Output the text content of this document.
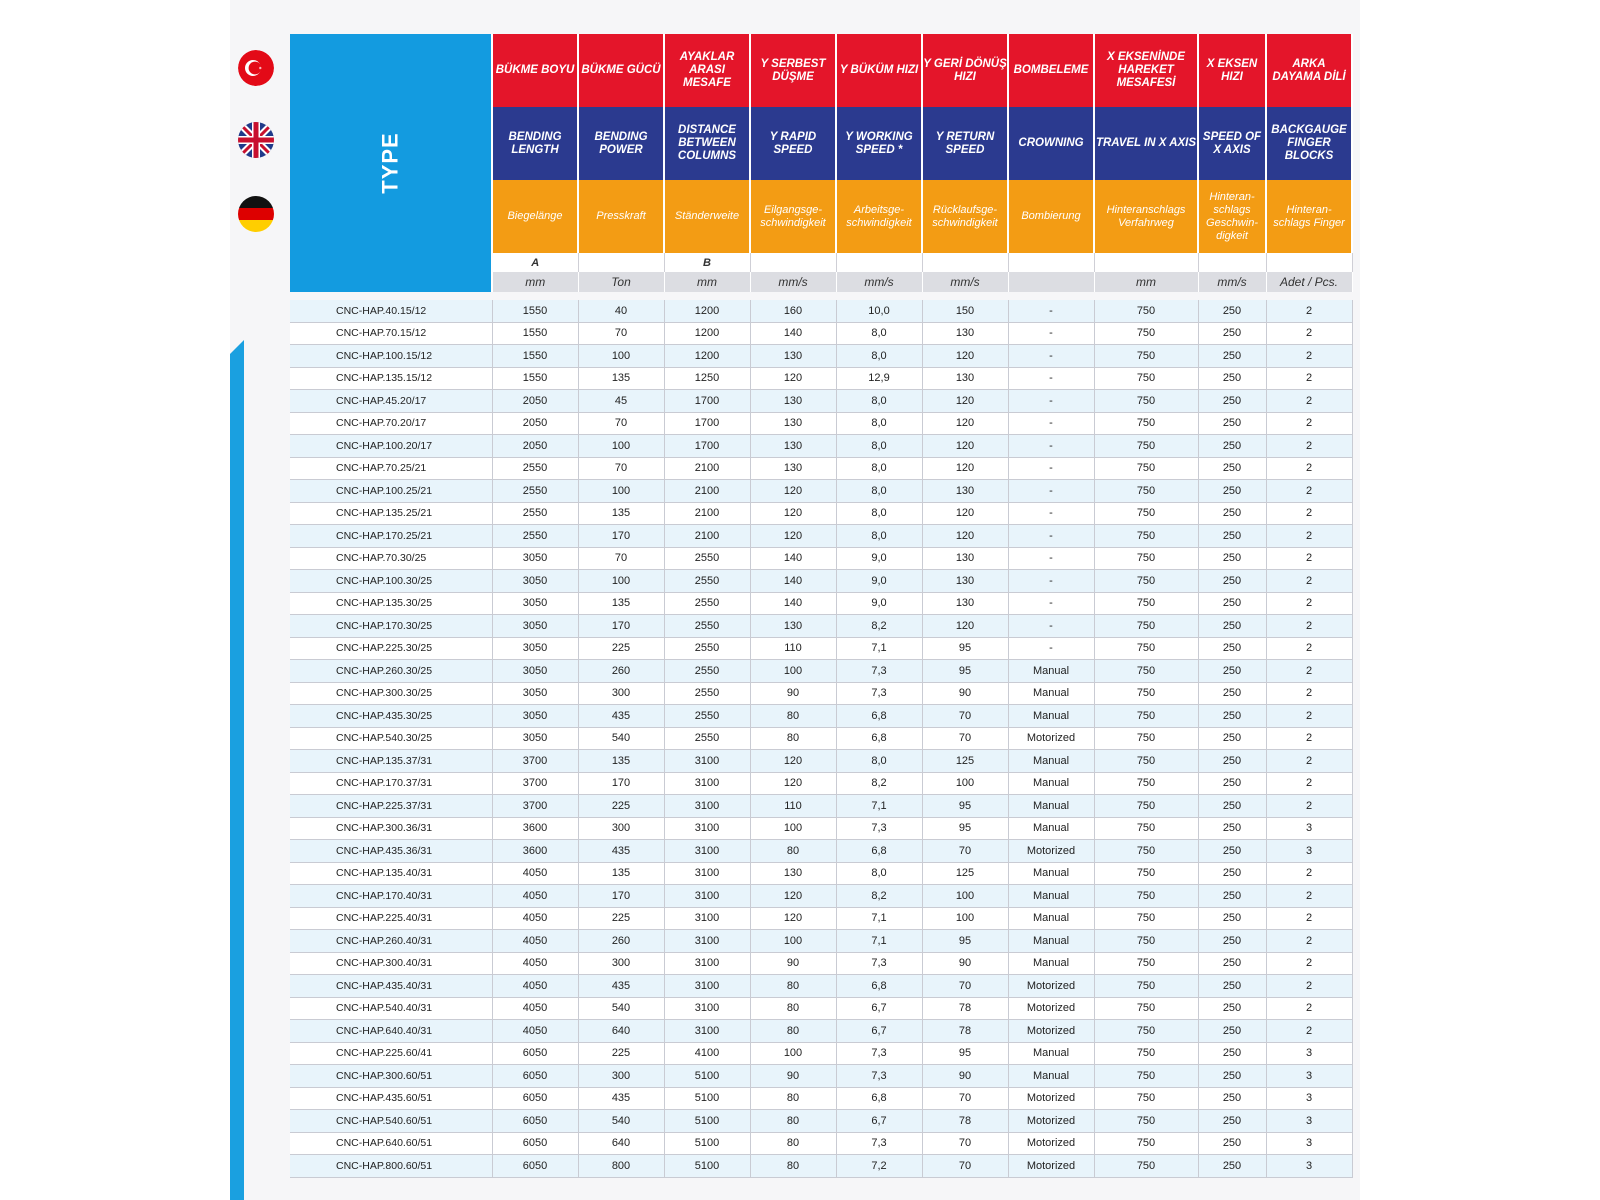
TYPE	BÜKME BOYU	BÜKME GÜCÜ	AYAKLAR ARASI MESAFE	Y SERBEST DÜŞME	Y BÜKÜM HIZI	Y GERİ DÖNÜŞ HIZI	BOMBELEME	X EKSENİNDE HAREKET MESAFESİ	X EKSEN HIZI	ARKA DAYAMA DİLİ
	BENDING LENGTH	BENDING POWER	DISTANCE BETWEEN COLUMNS	Y RAPID SPEED	Y WORKING SPEED *	Y RETURN SPEED	CROWNING	TRAVEL IN X AXIS	SPEED OF X AXIS	BACKGAUGE FINGER BLOCKS
	Biegelänge	Presskraft	Ständerweite	Eilgangsge- schwindigkeit	Arbeitsge- schwindigkeit	Rücklaufsge- schwindigkeit	Bombierung	Hinteranschlags Verfahrweg	Hinteran- schlags Geschwin- digkeit	Hinteran- schlags Finger
	A		B							
	mm	Ton	mm	mm/s	mm/s	mm/s		mm	mm/s	Adet / Pcs.

CNC-HAP.40.15/12	1550	40	1200	160	10,0	150	-	750	250	2
CNC-HAP.70.15/12	1550	70	1200	140	8,0	130	-	750	250	2
CNC-HAP.100.15/12	1550	100	1200	130	8,0	120	-	750	250	2
CNC-HAP.135.15/12	1550	135	1250	120	12,9	130	-	750	250	2
CNC-HAP.45.20/17	2050	45	1700	130	8,0	120	-	750	250	2
CNC-HAP.70.20/17	2050	70	1700	130	8,0	120	-	750	250	2
CNC-HAP.100.20/17	2050	100	1700	130	8,0	120	-	750	250	2
CNC-HAP.70.25/21	2550	70	2100	130	8,0	120	-	750	250	2
CNC-HAP.100.25/21	2550	100	2100	120	8,0	130	-	750	250	2
CNC-HAP.135.25/21	2550	135	2100	120	8,0	120	-	750	250	2
CNC-HAP.170.25/21	2550	170	2100	120	8,0	120	-	750	250	2
CNC-HAP.70.30/25	3050	70	2550	140	9,0	130	-	750	250	2
CNC-HAP.100.30/25	3050	100	2550	140	9,0	130	-	750	250	2
CNC-HAP.135.30/25	3050	135	2550	140	9,0	130	-	750	250	2
CNC-HAP.170.30/25	3050	170	2550	130	8,2	120	-	750	250	2
CNC-HAP.225.30/25	3050	225	2550	110	7,1	95	-	750	250	2
CNC-HAP.260.30/25	3050	260	2550	100	7,3	95	Manual	750	250	2
CNC-HAP.300.30/25	3050	300	2550	90	7,3	90	Manual	750	250	2
CNC-HAP.435.30/25	3050	435	2550	80	6,8	70	Manual	750	250	2
CNC-HAP.540.30/25	3050	540	2550	80	6,8	70	Motorized	750	250	2
CNC-HAP.135.37/31	3700	135	3100	120	8,0	125	Manual	750	250	2
CNC-HAP.170.37/31	3700	170	3100	120	8,2	100	Manual	750	250	2
CNC-HAP.225.37/31	3700	225	3100	110	7,1	95	Manual	750	250	2
CNC-HAP.300.36/31	3600	300	3100	100	7,3	95	Manual	750	250	3
CNC-HAP.435.36/31	3600	435	3100	80	6,8	70	Motorized	750	250	3
CNC-HAP.135.40/31	4050	135	3100	130	8,0	125	Manual	750	250	2
CNC-HAP.170.40/31	4050	170	3100	120	8,2	100	Manual	750	250	2
CNC-HAP.225.40/31	4050	225	3100	120	7,1	100	Manual	750	250	2
CNC-HAP.260.40/31	4050	260	3100	100	7,1	95	Manual	750	250	2
CNC-HAP.300.40/31	4050	300	3100	90	7,3	90	Manual	750	250	2
CNC-HAP.435.40/31	4050	435	3100	80	6,8	70	Motorized	750	250	2
CNC-HAP.540.40/31	4050	540	3100	80	6,7	78	Motorized	750	250	2
CNC-HAP.640.40/31	4050	640	3100	80	6,7	78	Motorized	750	250	2
CNC-HAP.225.60/41	6050	225	4100	100	7,3	95	Manual	750	250	3
CNC-HAP.300.60/51	6050	300	5100	90	7,3	90	Manual	750	250	3
CNC-HAP.435.60/51	6050	435	5100	80	6,8	70	Motorized	750	250	3
CNC-HAP.540.60/51	6050	540	5100	80	6,7	78	Motorized	750	250	3
CNC-HAP.640.60/51	6050	640	5100	80	7,3	70	Motorized	750	250	3
CNC-HAP.800.60/51	6050	800	5100	80	7,2	70	Motorized	750	250	3
